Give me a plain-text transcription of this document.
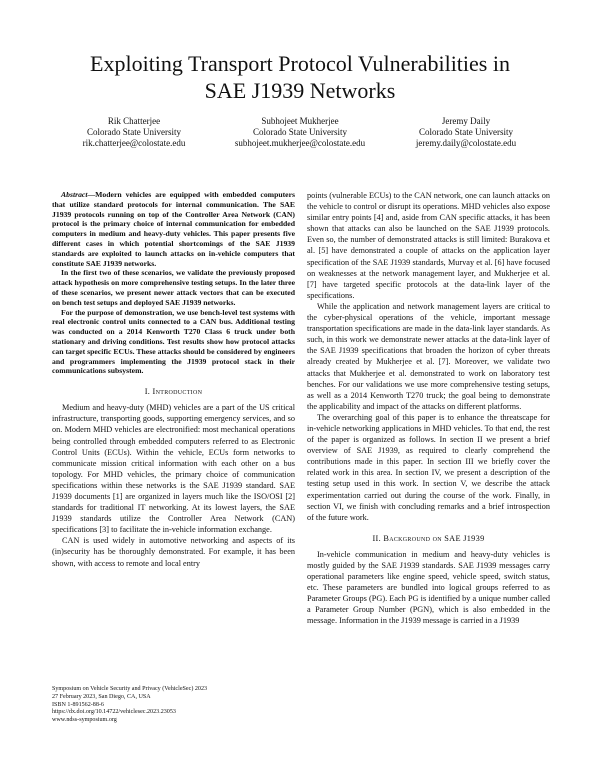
Exploiting Transport Protocol Vulnerabilities in
SAE J1939 Networks
Rik Chatterjee
Colorado State University
rik.chatterjee@colostate.edu
Subhojeet Mukherjee
Colorado State University
subhojeet.mukherjee@colostate.edu
Jeremy Daily
Colorado State University
jeremy.daily@colostate.edu

Abstract—Modern vehicles are equipped with embedded computers that utilize standard protocols for internal communication. The SAE J1939 protocols running on top of the Controller Area Network (CAN) protocol is the primary choice of internal communication for embedded computers in medium and heavy-duty vehicles. This paper presents five different cases in which potential shortcomings of the SAE J1939 standards are exploited to launch attacks on in-vehicle computers that constitute SAE J1939 networks.

In the first two of these scenarios, we validate the previously proposed attack hypothesis on more comprehensive testing setups. In the later three of these scenarios, we present newer attack vectors that can be executed on bench test setups and deployed SAE J1939 networks.

For the purpose of demonstration, we use bench-level test systems with real electronic control units connected to a CAN bus. Additional testing was conducted on a 2014 Kenworth T270 Class 6 truck under both stationary and driving conditions. Test results show how protocol attacks can target specific ECUs. These attacks should be considered by engineers and programmers implementing the J1939 protocol stack in their communications subsystem.

I. Introduction

Medium and heavy-duty (MHD) vehicles are a part of the US critical infrastructure, transporting goods, supporting emergency services, and so on. Modern MHD vehicles are electronified: most mechanical operations being controlled through embedded computers referred to as Electronic Control Units (ECUs). Within the vehicle, ECUs form networks to communicate mission critical information with each other on a bus topology. For MHD vehicles, the primary choice of communication specifications within these networks is the SAE J1939 standard. SAE J1939 documents [1] are organized in layers much like the ISO/OSI [2] standards for traditional IT networking. At its lowest layers, the SAE J1939 standards utilize the Controller Area Network (CAN) specifications [3] to facilitate the in-vehicle information exchange.

CAN is used widely in automotive networking and aspects of its (in)security has be thoroughly demonstrated. For example, it has been shown, with access to remote and local entry

points (vulnerable ECUs) to the CAN network, one can launch attacks on the vehicle to control or disrupt its operations. MHD vehicles also expose similar entry points [4] and, aside from CAN specific attacks, it has been shown that attacks can also be launched on the SAE J1939 protocols. Even so, the number of demonstrated attacks is still limited: Burakova et al. [5] have demonstrated a couple of attacks on the application layer specification of the SAE J1939 standards, Murvay et al. [6] have focused on weaknesses at the network management layer, and Mukherjee et al. [7] have targeted specific protocols at the data-link layer of the specifications.

While the application and network management layers are critical to the cyber-physical operations of the vehicle, important message transportation specifications are made in the data-link layer standards. As such, in this work we demonstrate newer attacks at the data-link layer of the SAE J1939 specifications that broaden the horizon of cyber threats already created by Mukherjee et al. [7]. Moreover, we validate two attacks that Mukherjee et al. demonstrated to work on laboratory test benches. For our validations we use more comprehensive testing setups, as well as a 2014 Kenworth T270 truck; the goal being to demonstrate the applicability and impact of the attacks on different platforms.

The overarching goal of this paper is to enhance the threatscape for in-vehicle networking applications in MHD vehicles. To that end, the rest of the paper is organized as follows. In section II we present a brief overview of SAE J1939, as required to clearly comprehend the contributions made in this paper. In section III we briefly cover the related work in this area. In section IV, we present a description of the testing setup used in this work. In section V, we describe the attack experimentation carried out during the course of the work. Finally, in section VI, we finish with concluding remarks and a brief introspection of the future work.

II. Background on SAE J1939

In-vehicle communication in medium and heavy-duty vehicles is mostly guided by the SAE J1939 standards. SAE J1939 messages carry operational parameters like engine speed, vehicle speed, switch status, etc. These parameters are bundled into logical groups referred to as Parameter Groups (PG). Each PG is identified by a unique number called a Parameter Group Number (PGN), which is also embedded in the message. Information in the J1939 message is carried in a J1939

Symposium on Vehicle Security and Privacy (VehicleSec) 2023
27 February 2023, San Diego, CA, USA
ISBN 1-891562-88-6
https://dx.doi.org/10.14722/vehiclesec.2023.23053
www.ndss-symposium.org
